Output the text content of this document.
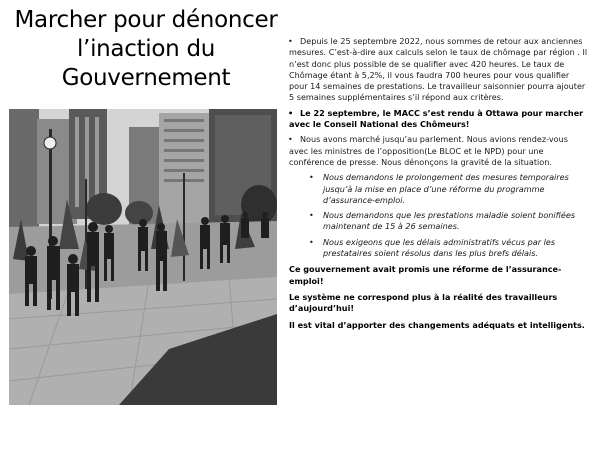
Marcher pour dénoncer
l’inaction du
Gouvernement
• Depuis le 25 septembre 2022, nous sommes de retour aux anciennes mesures. C’est-à-dire aux calculs selon le taux de chômage par région . Il n’est donc plus possible de se qualifier avec 420 heures. Le taux de Chômage étant à 5,2%, il vous faudra 700 heures pour vous qualifier pour 14 semaines de prestations. Le travailleur saisonnier pourra ajouter 5 semaines supplémentaires s’il répond aux critères.
• Le 22 septembre, le MACC s’est rendu à Ottawa pour marcher avec le Conseil National des Chômeurs!
• Nous avons marché jusqu’au parlement. Nous avions rendez-vous avec les ministres de l’opposition(Le BLOC et le NPD) pour une conférence de presse. Nous dénonçons la gravité de la situation.
• Nous demandons le prolongement des mesures temporaires jusqu’à la mise en place d’une réforme du programme d’assurance-emploi.
• Nous demandons que les prestations maladie soient bonifiées maintenant de 15 à 26 semaines.
• Nous exigeons que les délais administratifs vécus par les prestataires soient résolus dans les plus brefs délais.
Ce gouvernement avait promis une réforme de l’assurance-emploi!
Le système ne correspond plus à la réalité des travailleurs d’aujourd’hui!
Il est vital d’apporter des changements adéquats et intelligents.
